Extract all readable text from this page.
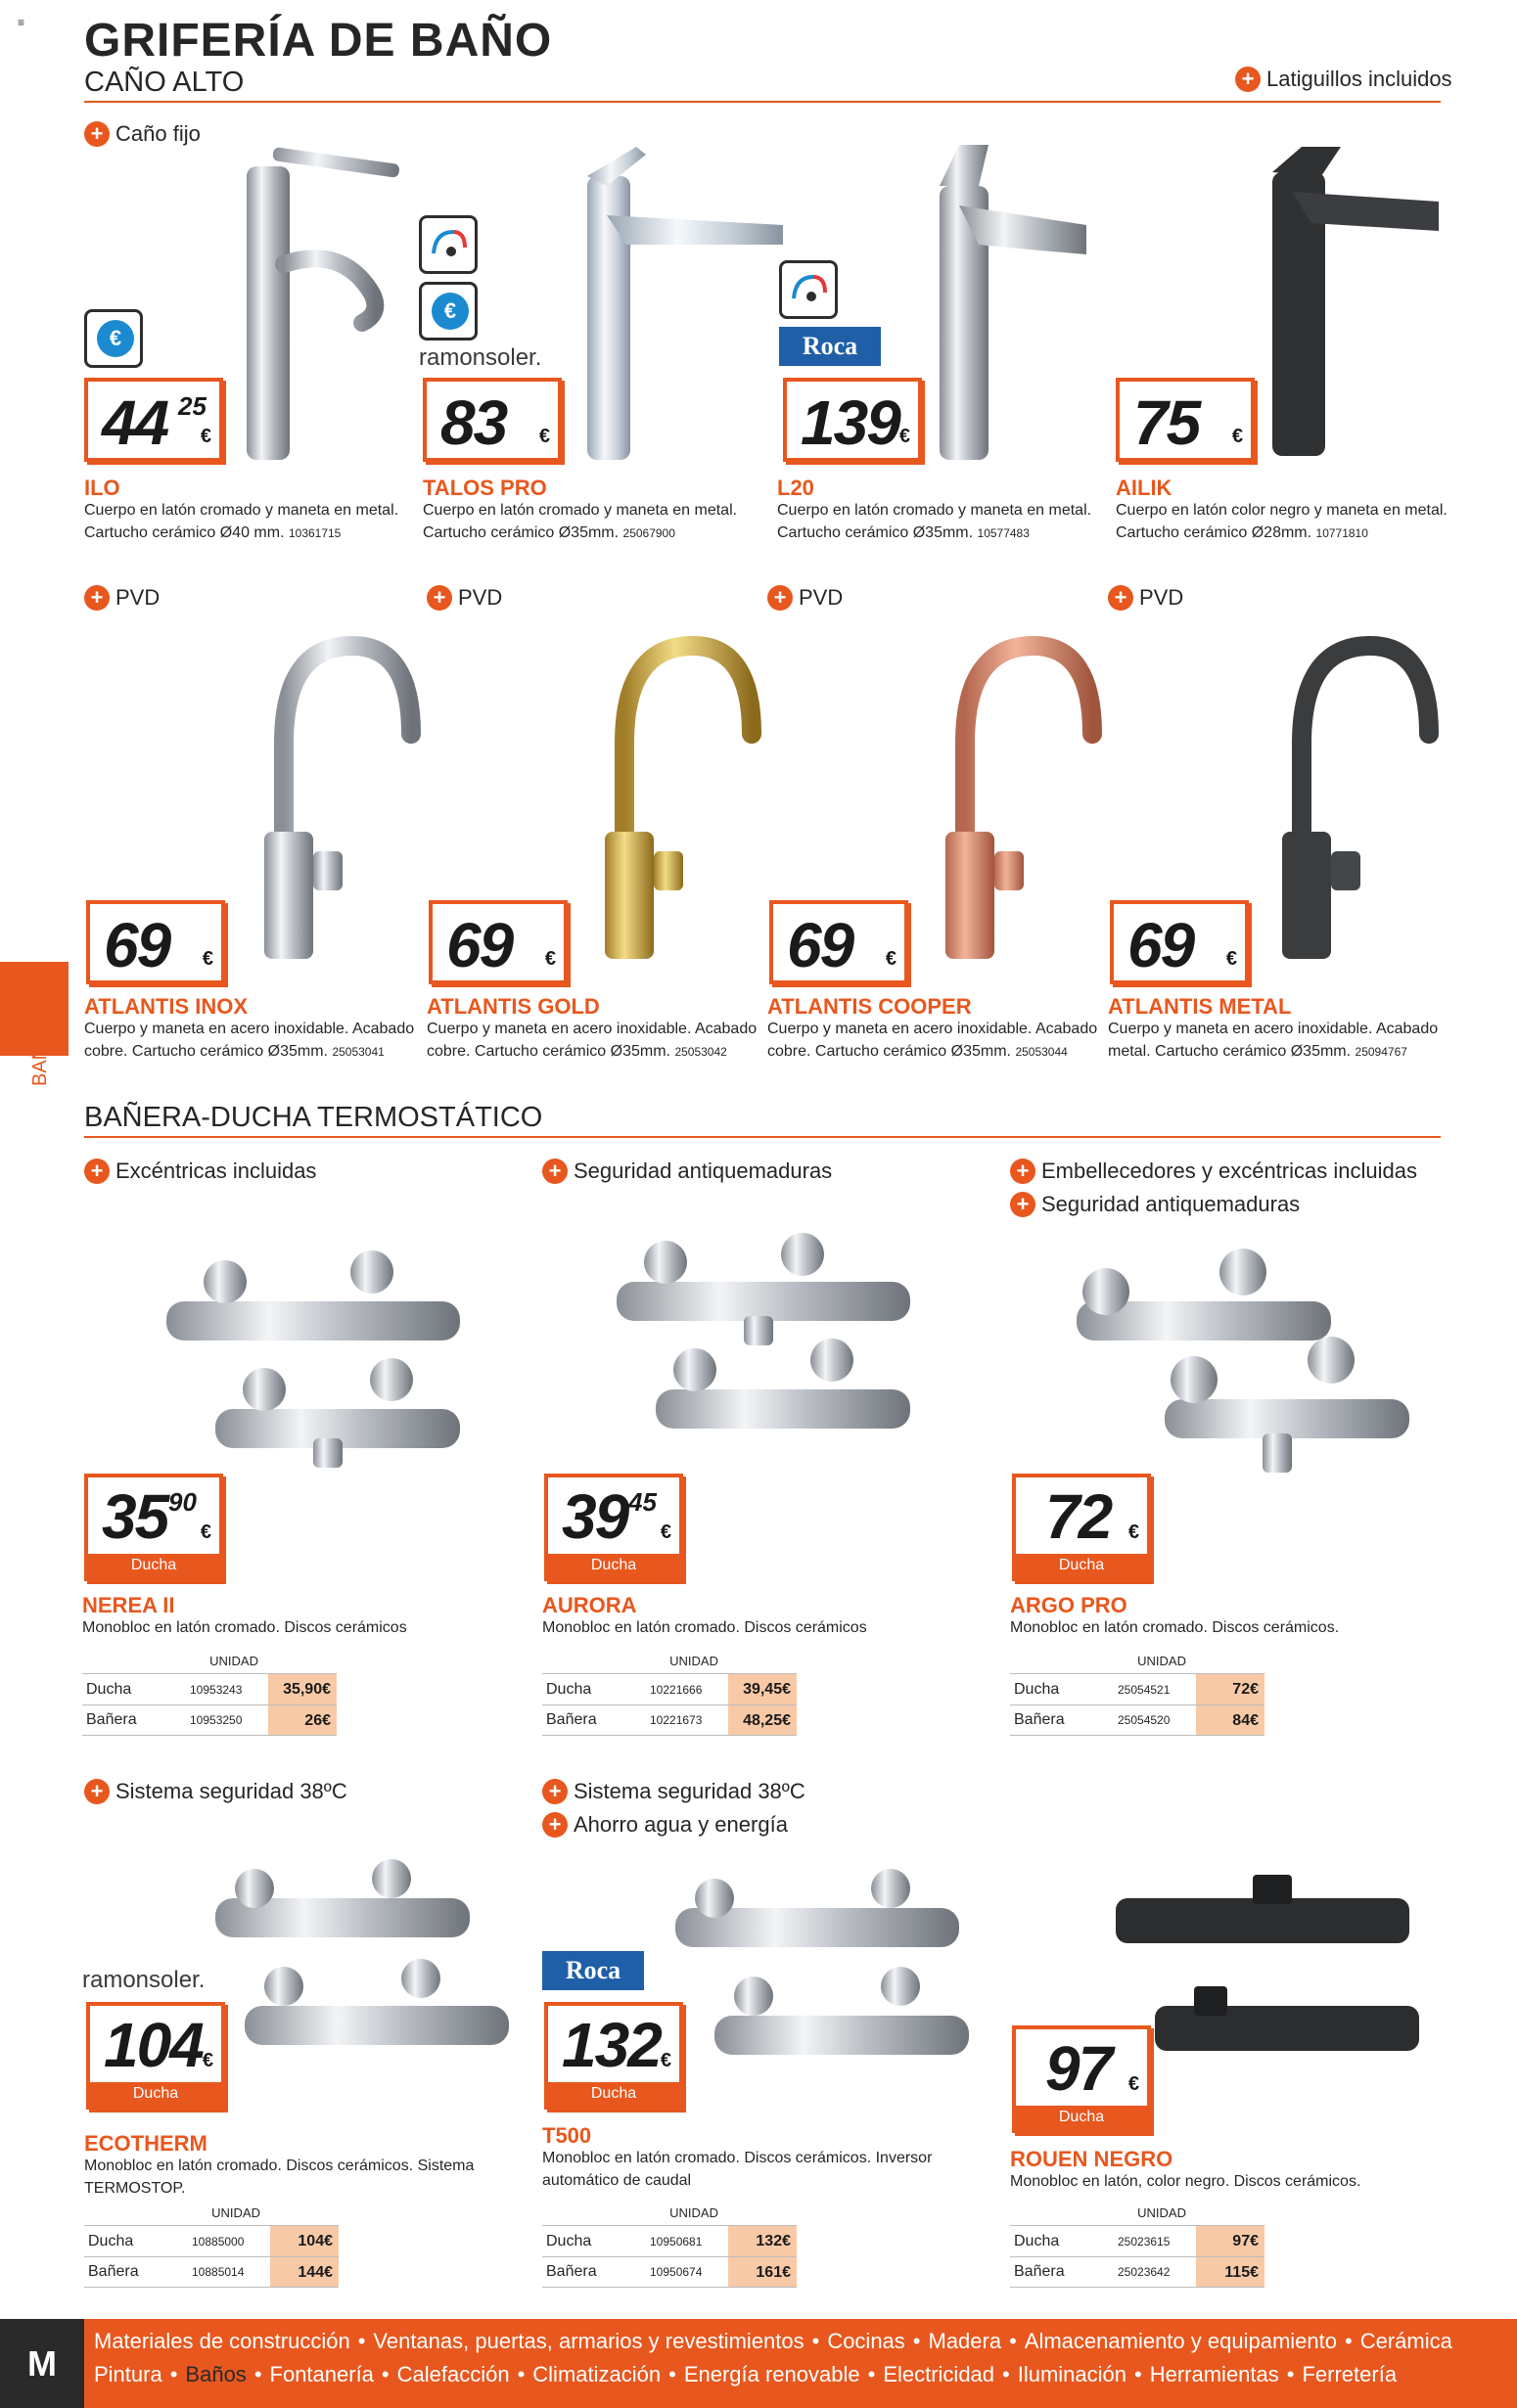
≡ GRIFERÍA DE BAÑO
CAÑO ALTO	+ Latiguillos incluidos
+ Caño fijo
BAÑOS
€
44 25
€
ILO
Cuerpo en latón cromado y maneta en metal. Cartucho cerámico Ø40 mm. 10361715
€
ramonsoler.
83 €
TALOS PRO
Cuerpo en latón cromado y maneta en metal. Cartucho cerámico Ø35mm. 25067900
Roca
139 €
L20
Cuerpo en latón cromado y maneta en metal. Cartucho cerámico Ø35mm. 10577483
75 €
AILIK
Cuerpo en latón color negro y maneta en metal. Cartucho cerámico Ø28mm. 10771810
+ PVD	+ PVD	+ PVD	+ PVD
69 €	69 €	69 €	69 €
ATLANTIS INOX
Cuerpo y maneta en acero inoxidable. Acabado cobre. Cartucho cerámico Ø35mm. 25053041
ATLANTIS GOLD
Cuerpo y maneta en acero inoxidable. Acabado cobre. Cartucho cerámico Ø35mm. 25053042
ATLANTIS COOPER
Cuerpo y maneta en acero inoxidable. Acabado cobre. Cartucho cerámico Ø35mm. 25053044
ATLANTIS METAL
Cuerpo y maneta en acero inoxidable. Acabado metal. Cartucho cerámico Ø35mm. 25094767
BAÑERA-DUCHA TERMOSTÁTICO
+ Excéntricas incluidas	+ Seguridad antiquemaduras	+ Embellecedores y excéntricas incluidas
+ Seguridad antiquemaduras
35 90
€
Ducha
39 45
€
Ducha
72 €
Ducha
NEREA II
Monobloc en latón cromado. Discos cerámicos
AURORA
Monobloc en latón cromado. Discos cerámicos
ARGO PRO
Monobloc en latón cromado. Discos cerámicos.
UNIDAD
Ducha	10953243	35,90€
Bañera	10953250	26€
UNIDAD
Ducha	10221666	39,45€
Bañera	10221673	48,25€
UNIDAD
Ducha	25054521	72€
Bañera	25054520	84€
+ Sistema seguridad 38ºC	+ Sistema seguridad 38ºC
+ Ahorro agua y energía
ramonsoler.	Roca
104 €
Ducha
132 €
Ducha	97 €
Ducha
ECOTHERM
Monobloc en latón cromado. Discos cerámicos. Sistema TERMOSTOP.
T500
Monobloc en latón cromado. Discos cerámicos. Inversor automático de caudal
ROUEN NEGRO
Monobloc en latón, color negro. Discos cerámicos.
UNIDAD
Ducha	10885000	104€
Bañera	10885014	144€
UNIDAD
Ducha	10950681	132€
Bañera	10950674	161€
UNIDAD
Ducha	25023615	97€
Bañera	25023642	115€
M
Materiales de construcción • Ventanas, puertas, armarios y revestimientos • Cocinas • Madera • Almacenamiento y equipamiento • Cerámica
Pintura • Baños • Fontanería • Calefacción • Climatización • Energía renovable • Electricidad • Iluminación • Herramientas • Ferretería
